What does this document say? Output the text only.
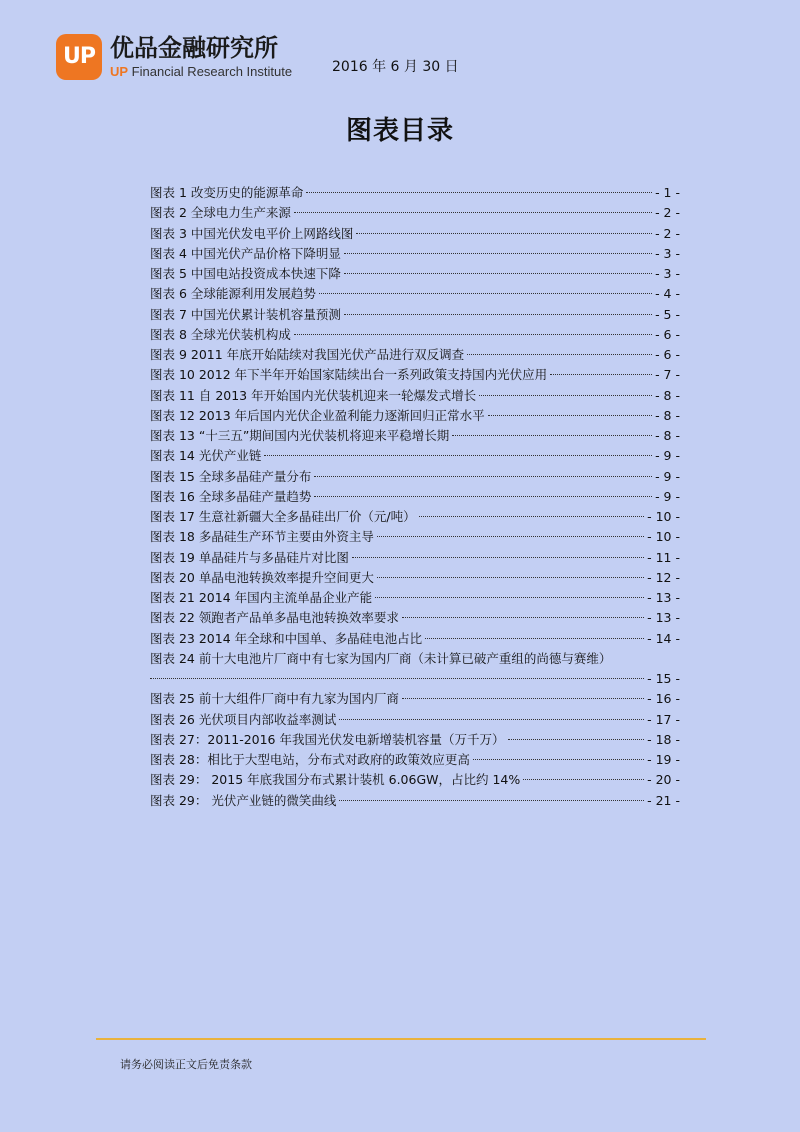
UP 优品金融研究所
UP Financial Research Institute	2016 年 6 月 30 日
图表目录
图表 1 改变历史的能源革命	- 1 -
图表 2 全球电力生产来源	- 2 -
图表 3 中国光伏发电平价上网路线图	- 2 -
图表 4 中国光伏产品价格下降明显	- 3 -
图表 5 中国电站投资成本快速下降	- 3 -
图表 6 全球能源利用发展趋势	- 4 -
图表 7 中国光伏累计装机容量预测	- 5 -
图表 8 全球光伏装机构成	- 6 -
图表 9 2011 年底开始陆续对我国光伏产品进行双反调查	- 6 -
图表 10 2012 年下半年开始国家陆续出台一系列政策支持国内光伏应用	- 7 -
图表 11 自 2013 年开始国内光伏装机迎来一轮爆发式增长	- 8 -
图表 12 2013 年后国内光伏企业盈利能力逐渐回归正常水平	- 8 -
图表 13 “十三五”期间国内光伏装机将迎来平稳增长期	- 8 -
图表 14 光伏产业链	- 9 -
图表 15 全球多晶硅产量分布	- 9 -
图表 16 全球多晶硅产量趋势	- 9 -
图表 17 生意社新疆大全多晶硅出厂价（元/吨）	- 10 -
图表 18 多晶硅生产环节主要由外资主导	- 10 -
图表 19 单晶硅片与多晶硅片对比图	- 11 -
图表 20 单晶电池转换效率提升空间更大	- 12 -
图表 21 2014 年国内主流单晶企业产能	- 13 -
图表 22 领跑者产品单多晶电池转换效率要求	- 13 -
图表 23 2014 年全球和中国单、多晶硅电池占比	- 14 -
图表 24 前十大电池片厂商中有七家为国内厂商（未计算已破产重组的尚德与赛维）
- 15 -
图表 25 前十大组件厂商中有九家为国内厂商	- 16 -
图表 26 光伏项目内部收益率测试	- 17 -
图表 27：2011-2016 年我国光伏发电新增装机容量（万千万）	- 18 -
图表 28：相比于大型电站，分布式对政府的政策效应更高	- 19 -
图表 29： 2015 年底我国分布式累计装机 6.06GW，占比约 14%	- 20 -
图表 29： 光伏产业链的微笑曲线	- 21 -
请务必阅读正文后免责条款
